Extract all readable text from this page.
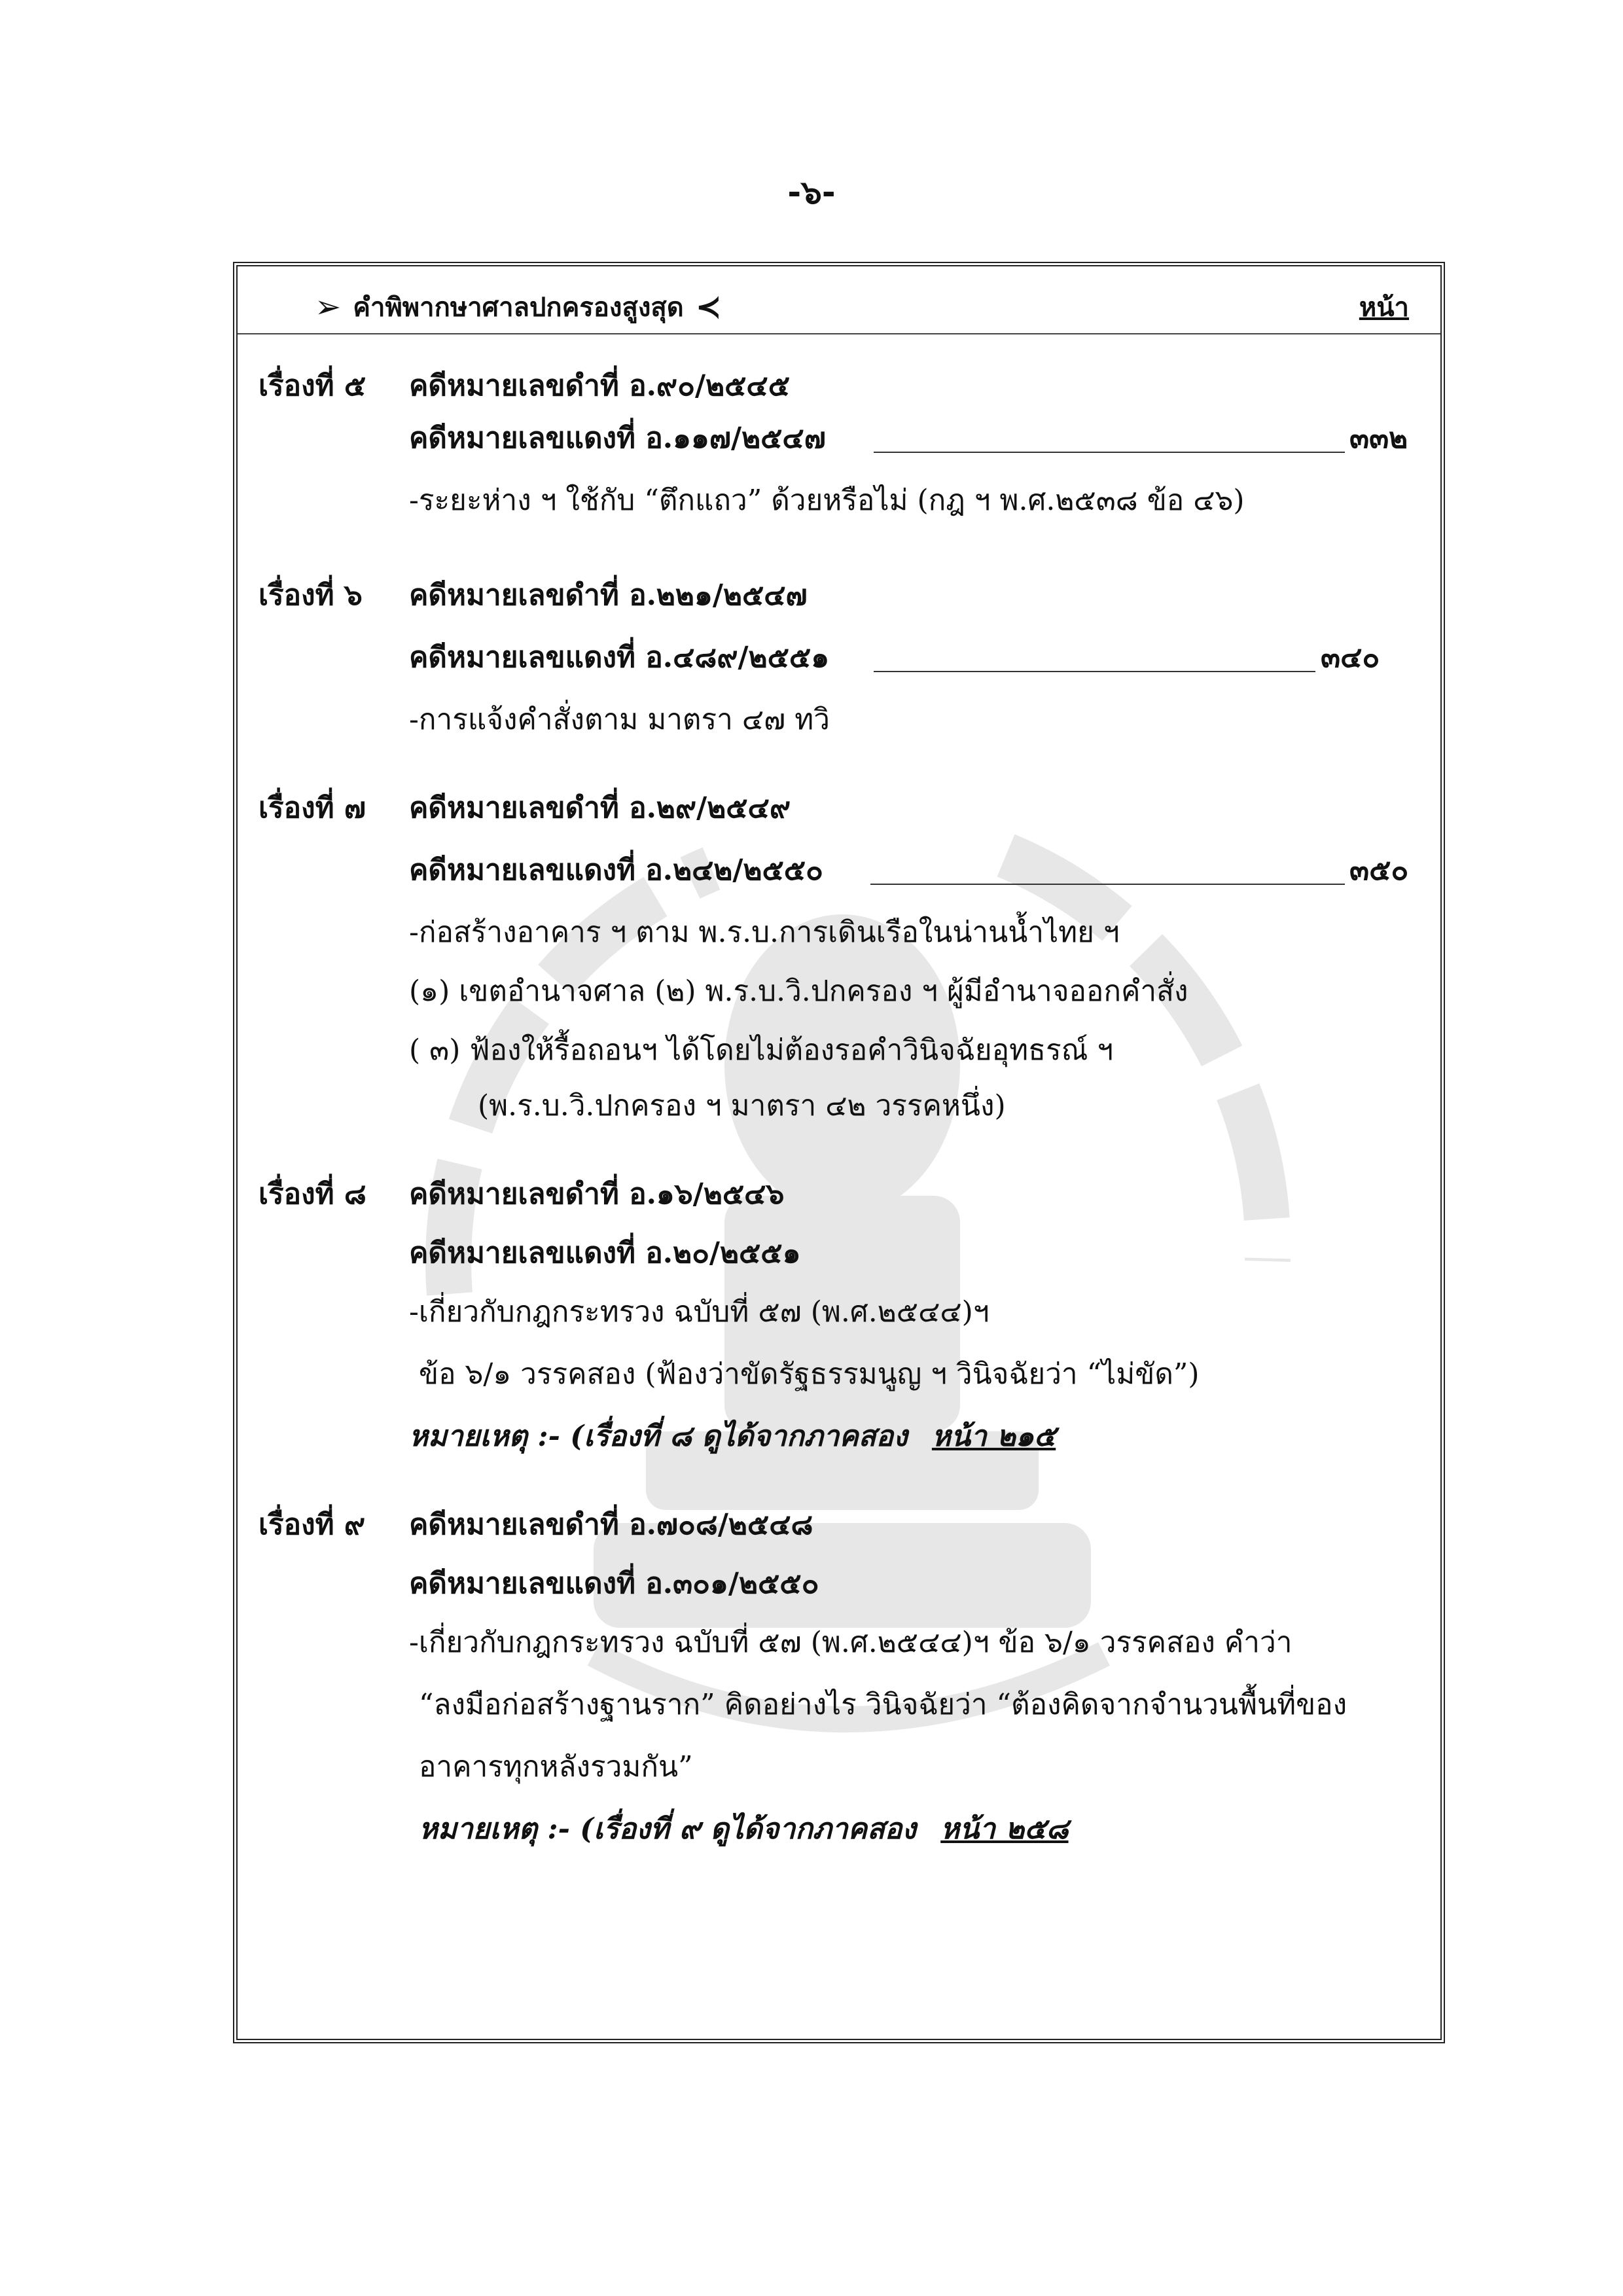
-๖-
➢ คำพิพากษาศาลปกครองสูงสุด ≺	หน้า
เรื่องที่ ๕ คดีหมายเลขดำที่ อ.๙๐/๒๕๔๕
คดีหมายเลขแดงที่ อ.๑๑๗/๒๕๔๗	๓๓๒
-ระยะห่าง ฯ ใช้กับ “ตึกแถว” ด้วยหรือไม่ (กฎ ฯ พ.ศ.๒๕๓๘ ข้อ ๔๖)
เรื่องที่ ๖ คดีหมายเลขดำที่ อ.๒๒๑/๒๕๔๗
คดีหมายเลขแดงที่ อ.๔๘๙/๒๕๕๑	๓๔๐
-การแจ้งคำสั่งตาม มาตรา ๔๗ ทวิ
เรื่องที่ ๗ คดีหมายเลขดำที่ อ.๒๙/๒๕๔๙
คดีหมายเลขแดงที่ อ.๒๔๒/๒๕๕๐	๓๕๐
-ก่อสร้างอาคาร ฯ ตาม พ.ร.บ.การเดินเรือในน่านน้ำไทย ฯ
(๑) เขตอำนาจศาล (๒) พ.ร.บ.วิ.ปกครอง ฯ ผู้มีอำนาจออกคำสั่ง
( ๓) ฟ้องให้รื้อถอนฯ ได้โดยไม่ต้องรอคำวินิจฉัยอุทธรณ์ ฯ
(พ.ร.บ.วิ.ปกครอง ฯ มาตรา ๔๒ วรรคหนึ่ง)
เรื่องที่ ๘ คดีหมายเลขดำที่ อ.๑๖/๒๕๔๖
คดีหมายเลขแดงที่ อ.๒๐/๒๕๕๑
-เกี่ยวกับกฎกระทรวง ฉบับที่ ๕๗ (พ.ศ.๒๕๔๔)ฯ
ข้อ ๖/๑ วรรคสอง (ฟ้องว่าขัดรัฐธรรมนูญ ฯ วินิจฉัยว่า “ไม่ขัด”)
หมายเหตุ :- (เรื่องที่ ๘ ดูได้จากภาคสอง หน้า ๒๑๕
เรื่องที่ ๙ คดีหมายเลขดำที่ อ.๗๐๘/๒๕๔๘
คดีหมายเลขแดงที่ อ.๓๐๑/๒๕๕๐
-เกี่ยวกับกฎกระทรวง ฉบับที่ ๕๗ (พ.ศ.๒๕๔๔)ฯ ข้อ ๖/๑ วรรคสอง คำว่า
“ลงมือก่อสร้างฐานราก” คิดอย่างไร วินิจฉัยว่า “ต้องคิดจากจำนวนพื้นที่ของ
อาคารทุกหลังรวมกัน”
หมายเหตุ :- (เรื่องที่ ๙ ดูได้จากภาคสอง หน้า ๒๕๘
